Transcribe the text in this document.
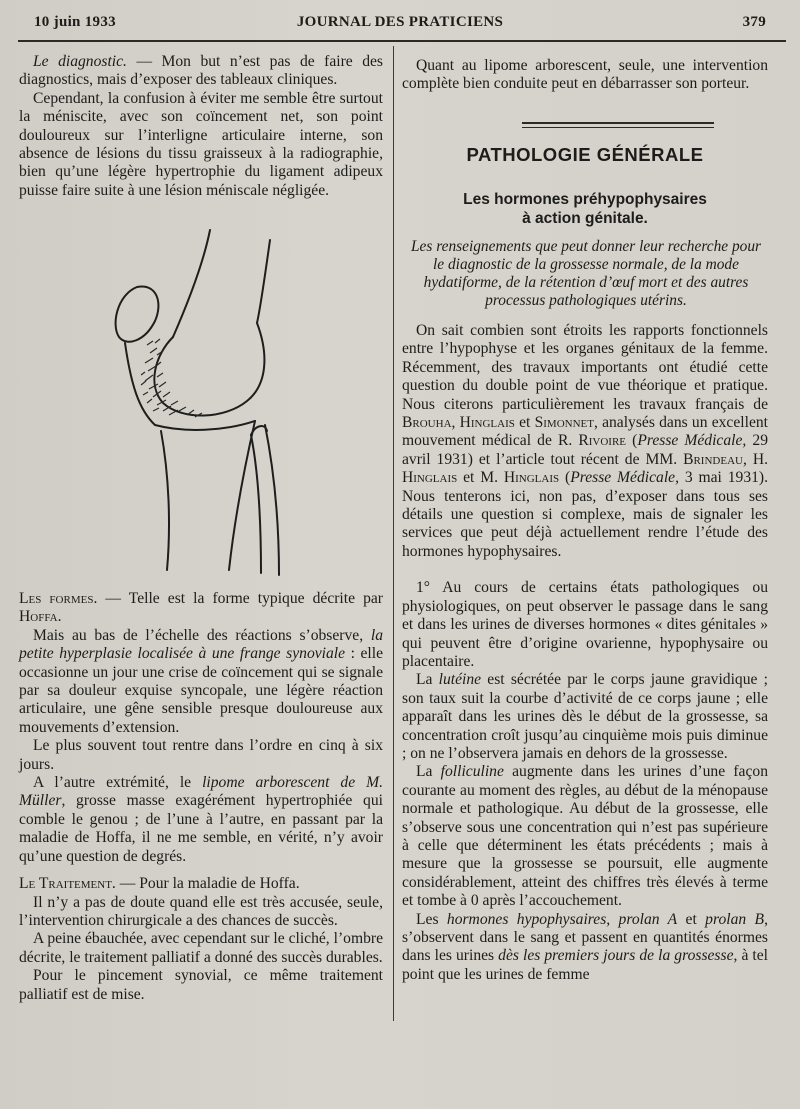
10 juin 1933	JOURNAL DES PRATICIENS	379

Le diagnostic. — Mon but n’est pas de faire des diagnostics, mais d’exposer des tableaux cliniques.

Cependant, la confusion à éviter me semble être surtout la méniscite, avec son coïncement net, son point douloureux sur l’interligne articulaire interne, son absence de lésions du tissu graisseux à la radiographie, bien qu’une légère hypertrophie du ligament adipeux puisse faire suite à une lésion méniscale négligée.

Les formes. — Telle est la forme typique décrite par Hoffa.

Mais au bas de l’échelle des réactions s’observe, la petite hyperplasie localisée à une frange synoviale : elle occasionne un jour une crise de coïncement qui se signale par sa douleur exquise syncopale, une légère réaction articulaire, une gêne sensible presque douloureuse aux mouvements d’extension.

Le plus souvent tout rentre dans l’ordre en cinq à six jours.

A l’autre extrémité, le lipome arborescent de M. Müller, grosse masse exagérément hypertrophiée qui comble le genou ; de l’une à l’autre, en passant par la maladie de Hoffa, il ne me semble, en vérité, n’y avoir qu’une question de degrés.

Le Traitement. — Pour la maladie de Hoffa.

Il n’y a pas de doute quand elle est très accusée, seule, l’intervention chirurgicale a des chances de succès.

A peine ébauchée, avec cependant sur le cliché, l’ombre décrite, le traitement palliatif a donné des succès durables.

Pour le pincement synovial, ce même traitement palliatif est de mise.

Quant au lipome arborescent, seule, une intervention complète bien conduite peut en débarrasser son porteur.

PATHOLOGIE GÉNÉRALE
Les hormones préhypophysaires
à action génitale.
Les renseignements que peut donner leur recherche pour le diagnostic de la grossesse normale, de la mode hydatiforme, de la rétention d’œuf mort et des autres processus pathologiques utérins.

On sait combien sont étroits les rapports fonctionnels entre l’hypophyse et les organes génitaux de la femme. Récemment, des travaux importants ont étudié cette question du double point de vue théorique et pratique. Nous citerons particulièrement les travaux français de Brouha, Hinglais et Simonnet, analysés dans un excellent mouvement médical de R. Rivoire (Presse Médicale, 29 avril 1931) et l’article tout récent de MM. Brindeau, H. Hinglais et M. Hinglais (Presse Médicale, 3 mai 1931). Nous tenterons ici, non pas, d’exposer dans tous ses détails une question si complexe, mais de signaler les services que peut déjà actuellement rendre l’étude des hormones hypophysaires.

1° Au cours de certains états pathologiques ou physiologiques, on peut observer le passage dans le sang et dans les urines de diverses hormones « dites génitales » qui peuvent être d’origine ovarienne, hypophysaire ou placentaire.

La lutéine est sécrétée par le corps jaune gravidique ; son taux suit la courbe d’activité de ce corps jaune ; elle apparaît dans les urines dès le début de la grossesse, sa concentration croît jusqu’au cinquième mois puis diminue ; on ne l’observera jamais en dehors de la grossesse.

La folliculine augmente dans les urines d’une façon courante au moment des règles, au début de la ménopause normale et pathologique. Au début de la grossesse, elle s’observe sous une concentration qui n’est pas supérieure à celle que déterminent les états précédents ; mais à mesure que la grossesse se poursuit, elle augmente considérablement, atteint des chiffres très élevés à terme et tombe à 0 après l’accouchement.

Les hormones hypophysaires, prolan A et prolan B, s’observent dans le sang et passent en quantités énormes dans les urines dès les premiers jours de la grossesse, à tel point que les urines de femme
